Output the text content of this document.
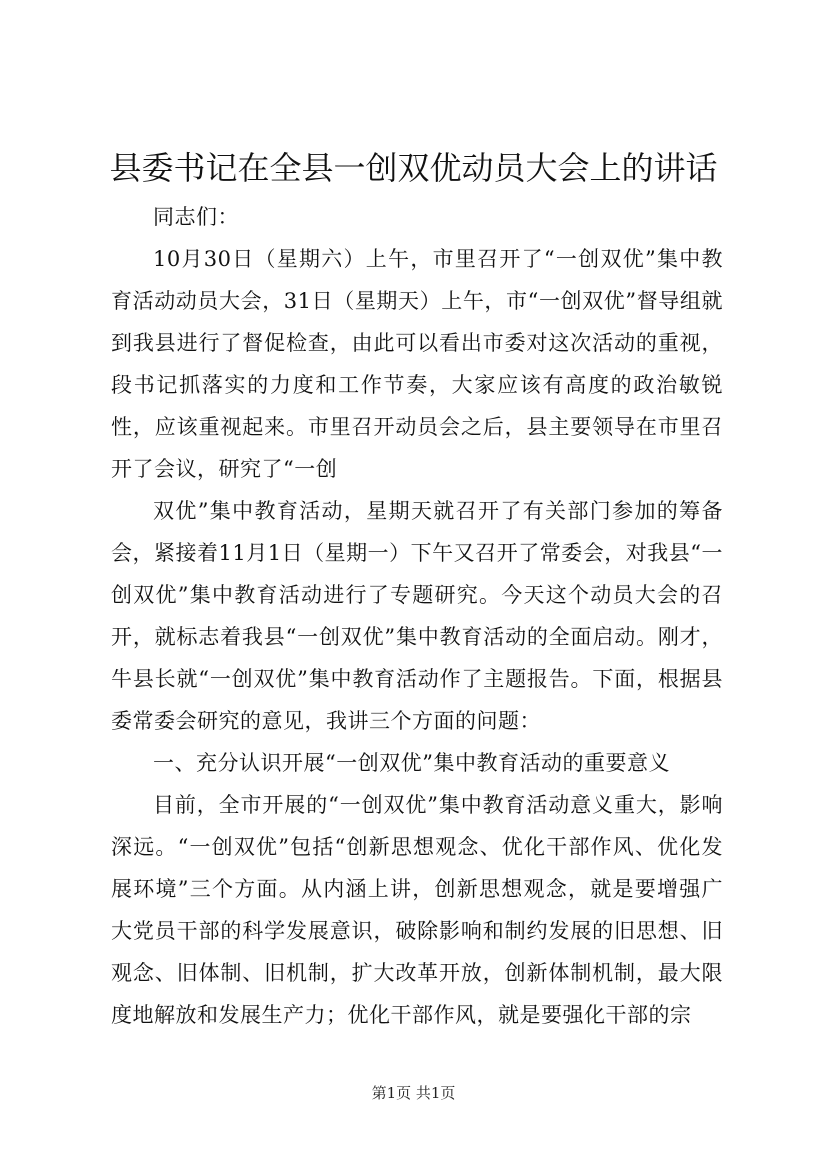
县委书记在全县一创双优动员大会上的讲话

同志们：

10月30日（星期六）上午，市里召开了“一创双优”集中教育活动动员大会，31日（星期天）上午，市“一创双优”督导组就到我县进行了督促检查，由此可以看出市委对这次活动的重视，段书记抓落实的力度和工作节奏，大家应该有高度的政治敏锐性，应该重视起来。市里召开动员会之后，县主要领导在市里召开了会议，研究了“一创

双优”集中教育活动，星期天就召开了有关部门参加的筹备会，紧接着11月1日（星期一）下午又召开了常委会，对我县“一创双优”集中教育活动进行了专题研究。今天这个动员大会的召开，就标志着我县“一创双优”集中教育活动的全面启动。刚才，牛县长就“一创双优”集中教育活动作了主题报告。下面，根据县委常委会研究的意见，我讲三个方面的问题：

一、充分认识开展“一创双优”集中教育活动的重要意义

目前，全市开展的“一创双优”集中教育活动意义重大，影响深远。“一创双优”包括“创新思想观念、优化干部作风、优化发展环境”三个方面。从内涵上讲，创新思想观念，就是要增强广大党员干部的科学发展意识，破除影响和制约发展的旧思想、旧观念、旧体制、旧机制，扩大改革开放，创新体制机制，最大限度地解放和发展生产力；优化干部作风，就是要强化干部的宗

第1页 共1页
